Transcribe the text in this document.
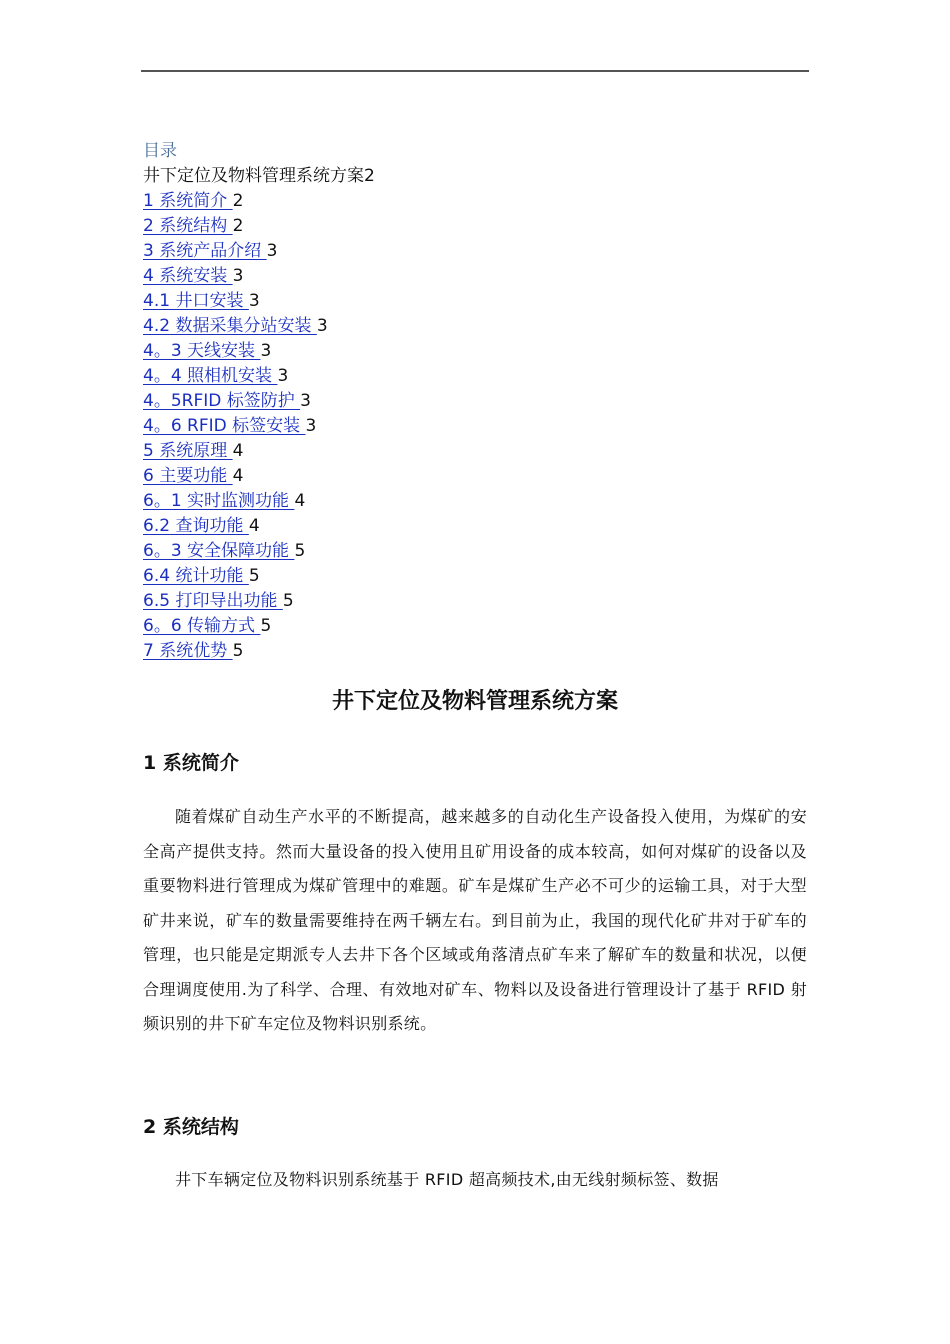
目录
井下定位及物料管理系统方案2
1 系统简介 2
2 系统结构 2
3 系统产品介绍 3
4 系统安装 3
4.1 井口安装 3
4.2 数据采集分站安装 3
4。3 天线安装 3
4。4 照相机安装 3
4。5RFID 标签防护 3
4。6 RFID 标签安装 3
5 系统原理 4
6 主要功能 4
6。1 实时监测功能 4
6.2 查询功能 4
6。3 安全保障功能 5
6.4 统计功能 5
6.5 打印导出功能 5
6。6 传输方式 5
7 系统优势 5
井下定位及物料管理系统方案
1 系统简介

随着煤矿自动生产水平的不断提高，越来越多的自动化生产设备投入使用，为煤矿的安全高产提供支持。然而大量设备的投入使用且矿用设备的成本较高，如何对煤矿的设备以及重要物料进行管理成为煤矿管理中的难题。矿车是煤矿生产必不可少的运输工具，对于大型矿井来说，矿车的数量需要维持在两千辆左右。到目前为止，我国的现代化矿井对于矿车的管理，也只能是定期派专人去井下各个区域或角落清点矿车来了解矿车的数量和状况，以便合理调度使用.为了科学、合理、有效地对矿车、物料以及设备进行管理设计了基于 RFID 射频识别的井下矿车定位及物料识别系统。

2 系统结构

井下车辆定位及物料识别系统基于 RFID 超高频技术,由无线射频标签、数据
